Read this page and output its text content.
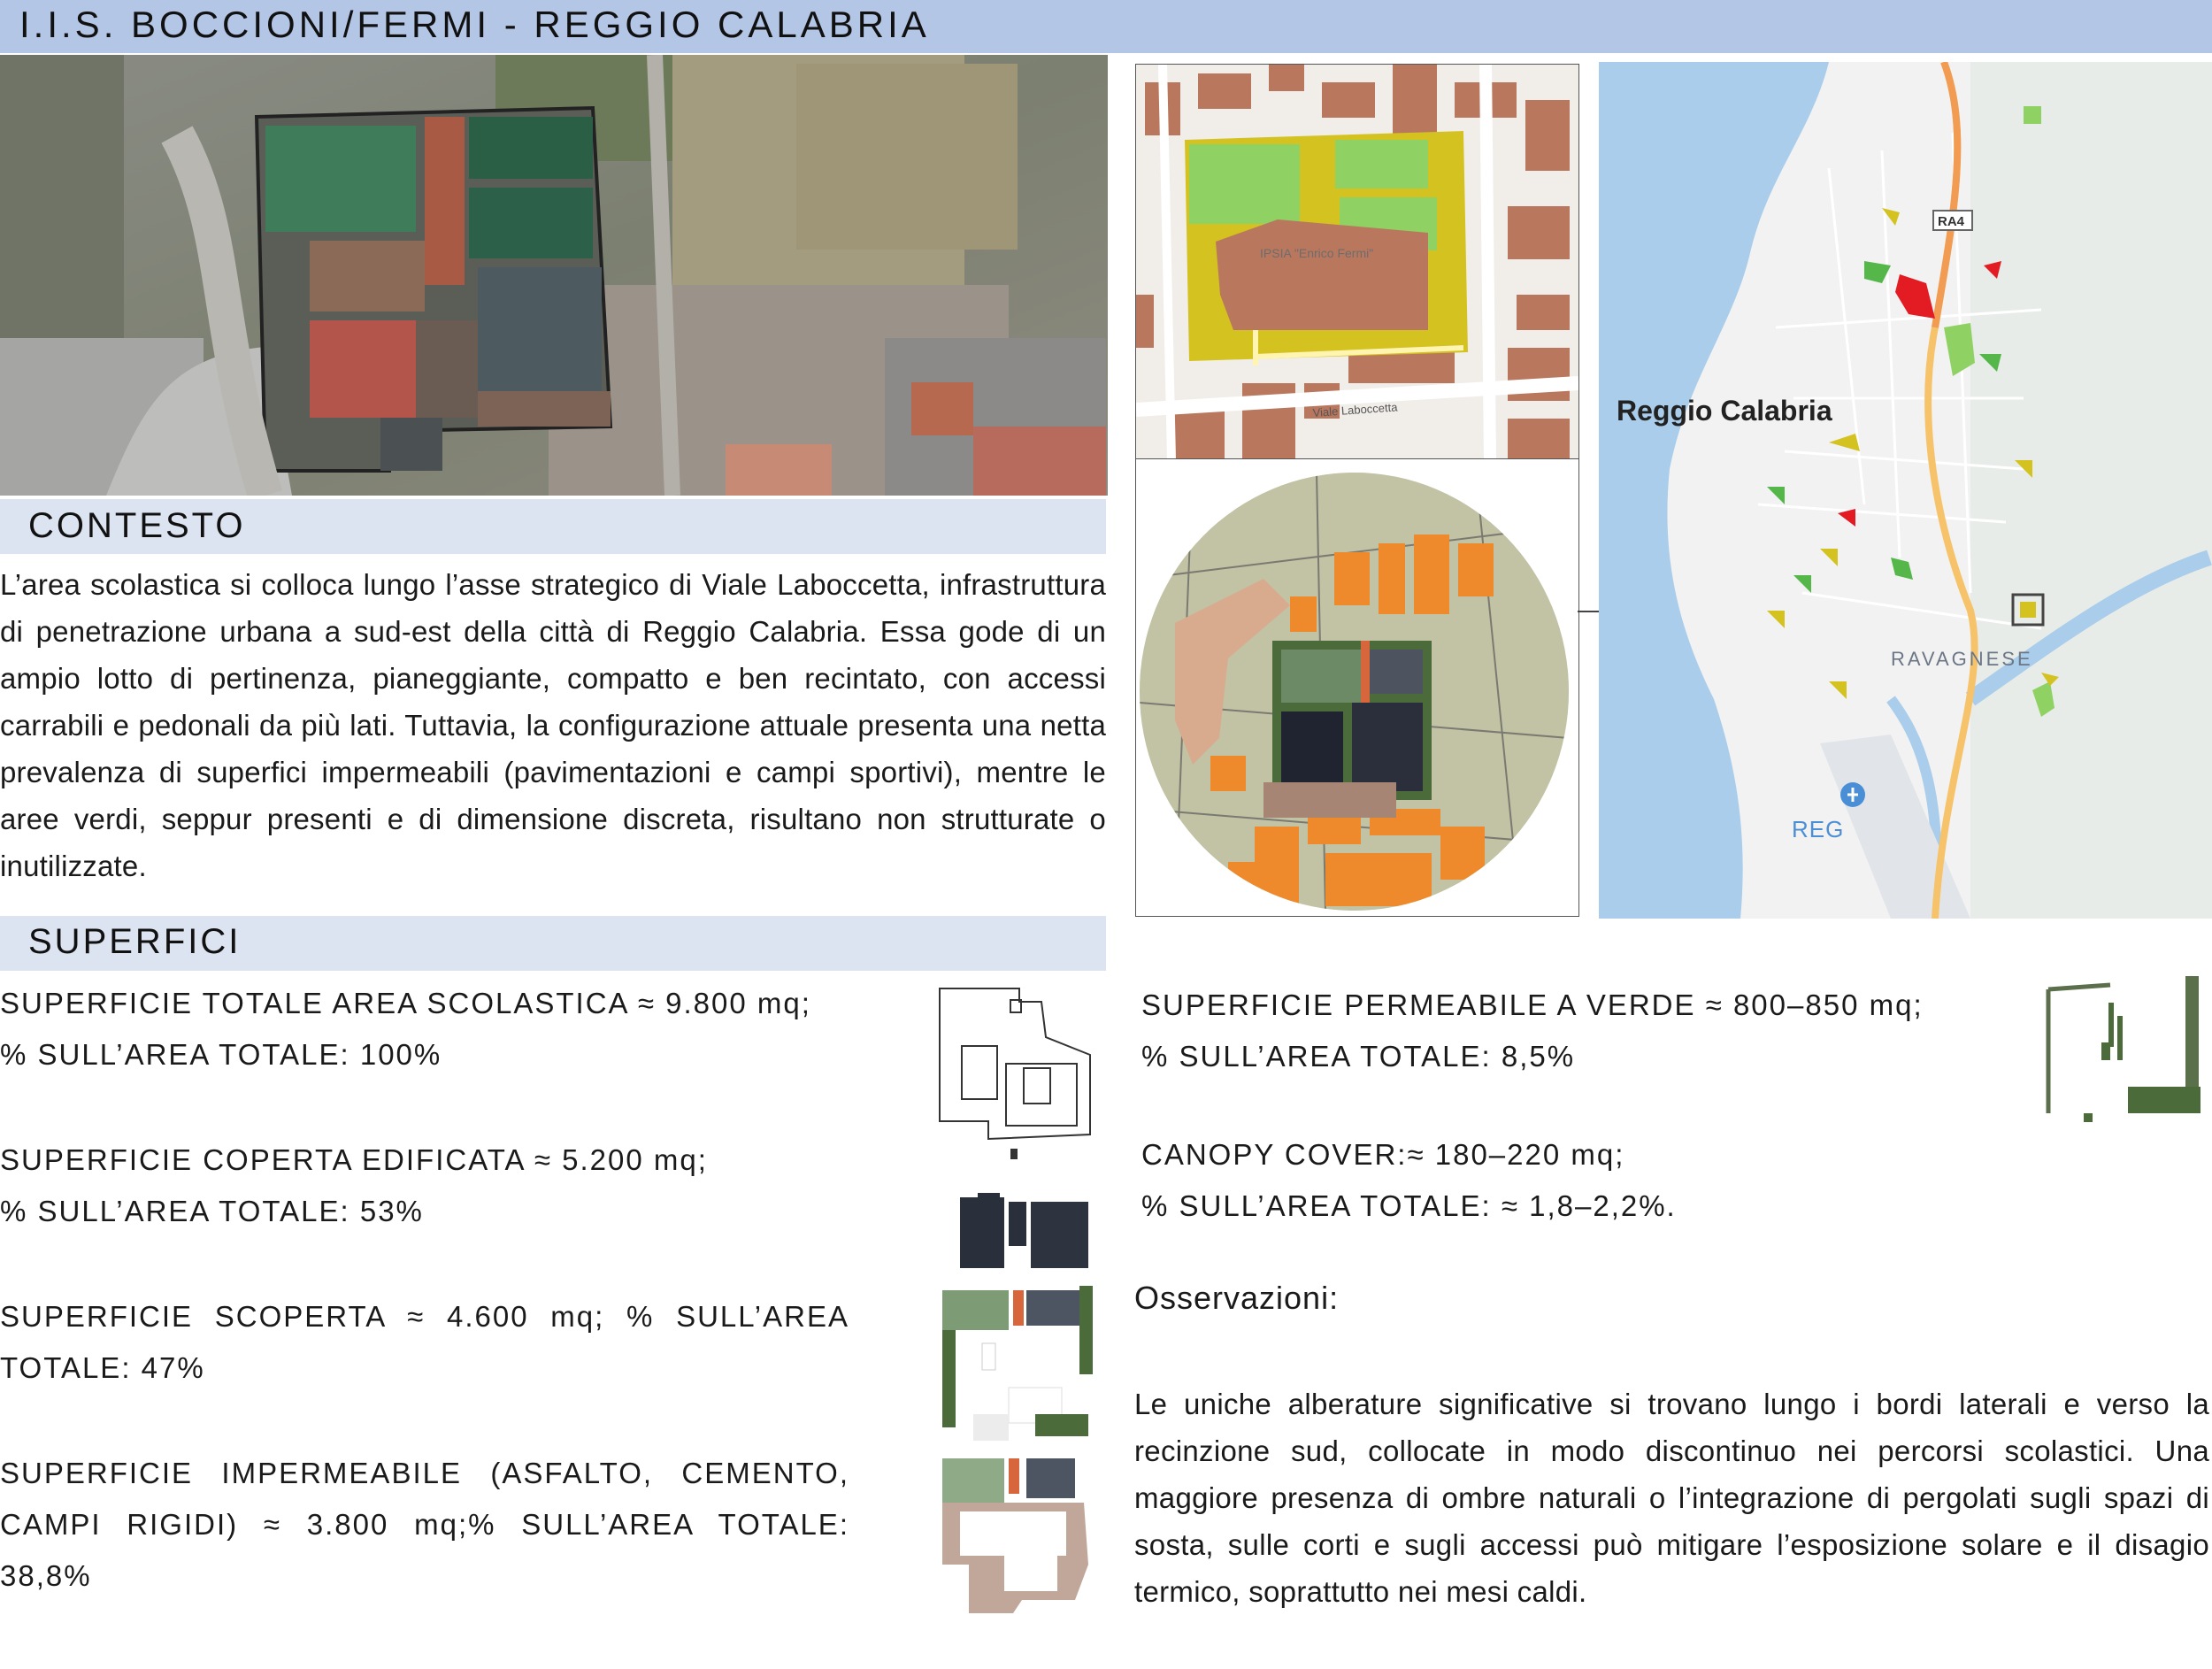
I.I.S. BOCCIONI/FERMI - REGGIO CALABRIA
IPSIA "Enrico Fermi"
Viale Laboccetta
RA4
Reggio Calabria
RAVAGNESE
REG
CONTESTO
L’area scolastica si colloca lungo l’asse strategico di Viale Laboccetta, infrastruttura di penetrazione urbana a sud-est della città di Reggio Calabria. Essa gode di un ampio lotto di pertinenza, pianeggiante, compatto e ben recintato, con accessi carrabili e pedonali da più lati. Tuttavia, la configurazione attuale presenta una netta prevalenza di superfici impermeabili (pavimentazioni e campi sportivi), mentre le aree verdi, seppur presenti e di dimensione discreta, risultano non strutturate o inutilizzate.
SUPERFICI

SUPERFICIE TOTALE AREA SCOLASTICA ≈ 9.800 mq;

% SULL’AREA TOTALE: 100%

SUPERFICIE COPERTA EDIFICATA ≈ 5.200 mq;

% SULL’AREA TOTALE: 53%

SUPERFICIE SCOPERTA ≈ 4.600 mq; % SULL’AREA TOTALE: 47%

SUPERFICIE IMPERMEABILE (ASFALTO, CEMENTO, CAMPI RIGIDI) ≈ 3.800 mq;% SULL’AREA TOTALE: 38,8%

SUPERFICIE PERMEABILE A VERDE ≈ 800–850 mq;

% SULL’AREA TOTALE: 8,5%

CANOPY COVER:≈ 180–220 mq;

% SULL’AREA TOTALE: ≈ 1,8–2,2%.

Osservazioni:
Le uniche alberature significative si trovano lungo i bordi laterali e verso la recinzione sud, collocate in modo discontinuo nei percorsi scolastici. Una maggiore presenza di ombre naturali o l’integrazione di pergolati sugli spazi di sosta, sulle corti e sugli accessi può mitigare l’esposizione solare e il disagio termico, soprattutto nei mesi caldi.
